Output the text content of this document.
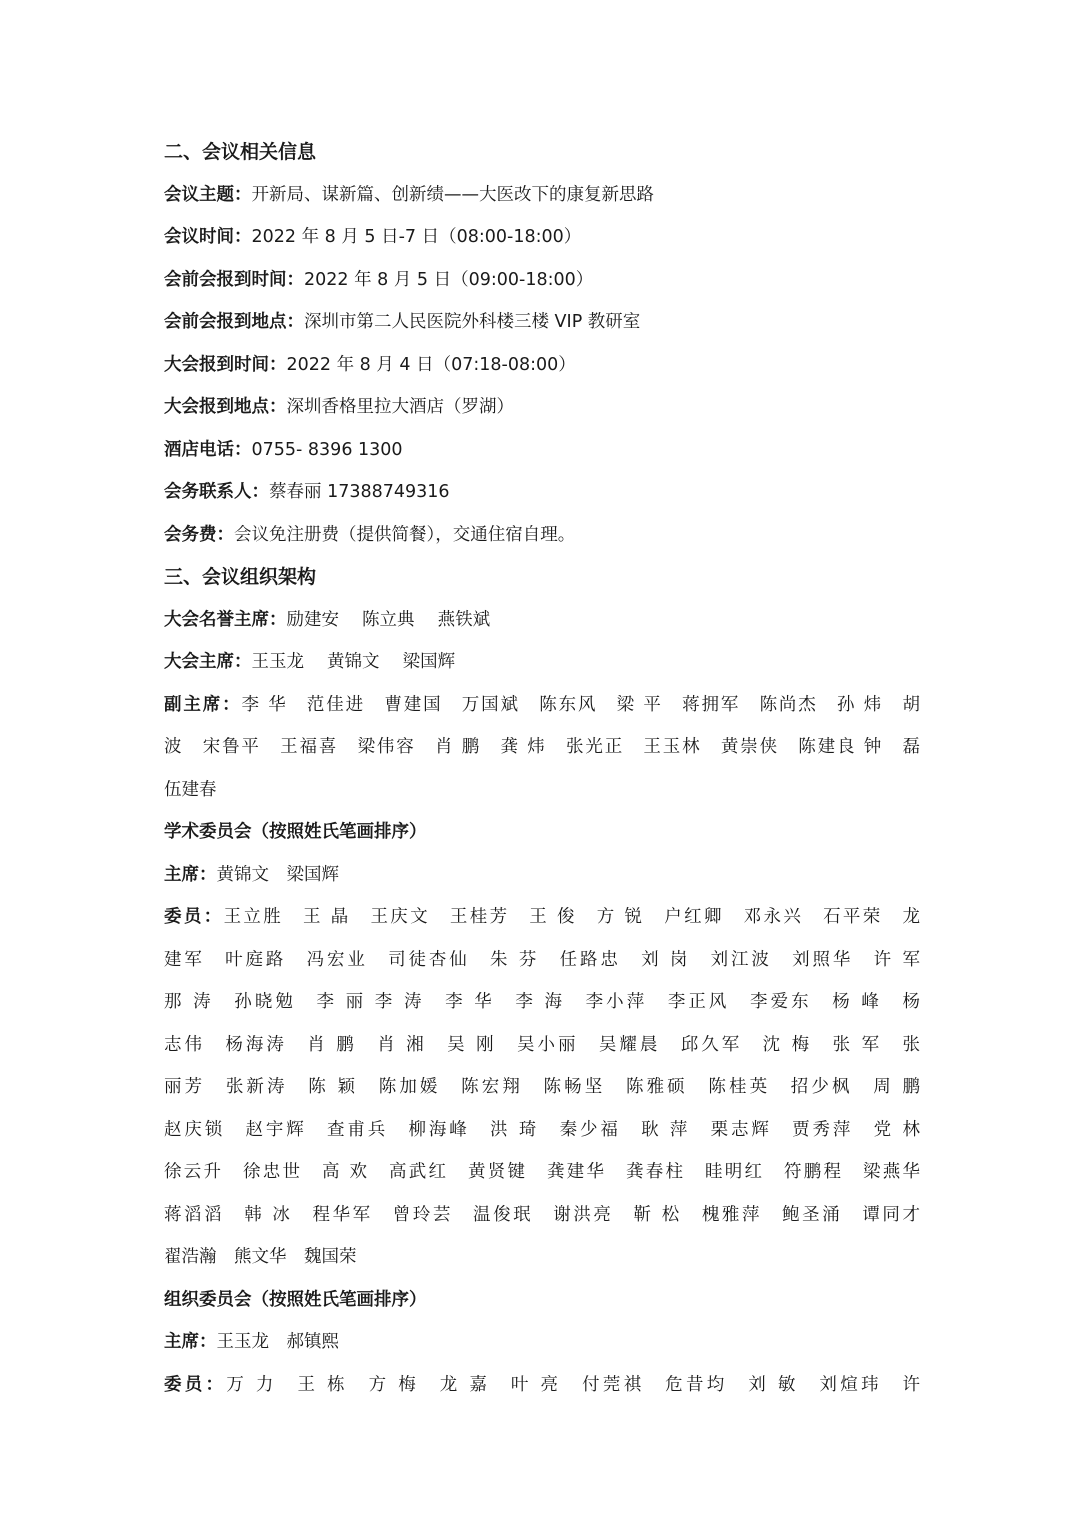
二、会议相关信息
会议主题：开新局、谋新篇、创新绩——大医改下的康复新思路
会议时间：2022 年 8 月 5 日-7 日（08:00-18:00）
会前会报到时间：2022 年 8 月 5 日（09:00-18:00）
会前会报到地点：深圳市第二人民医院外科楼三楼 VIP 教研室
大会报到时间：2022 年 8 月 4 日（07:18-08:00）
大会报到地点：深圳香格里拉大酒店（罗湖）
酒店电话：0755- 8396 1300
会务联系人：蔡春丽 17388749316
会务费：会议免注册费（提供简餐），交通住宿自理。
三、会议组织架构
大会名誉主席：励建安　 陈立典　 燕铁斌
大会主席：王玉龙　 黄锦文　 梁国辉
副主席：李 华　范佳进　曹建国　万国斌　陈东风　梁 平　蒋拥军　陈尚杰　孙 炜　胡
波　宋鲁平　王福喜　梁伟容　肖 鹏　龚 炜　张光正　王玉林　黄崇侠　陈建良 钟　磊
伍建春
学术委员会（按照姓氏笔画排序）
主席：黄锦文　梁国辉
委员：王立胜　王 晶　王庆文　王桂芳　王 俊　方 锐　户红卿　邓永兴　石平荣　龙
建军　叶庭路　冯宏业　司徒杏仙　朱 芬　任路忠　刘 岗　刘江波　刘照华　许 军
那 涛　孙晓勉　李 丽 李 涛　李 华　李 海　李小萍　李正风　李爱东　杨 峰　杨
志伟　杨海涛　肖 鹏　肖 湘　吴 刚　吴小丽　吴耀晨　邱久军　沈 梅　张 军　张
丽芳　张新涛　陈 颖　陈加媛　陈宏翔　陈畅坚　陈雅硕　陈桂英　招少枫　周 鹏
赵庆锁　赵宇辉　查甫兵　柳海峰　洪 琦　秦少福　耿 萍　栗志辉　贾秀萍　党 林
徐云升　徐忠世　高 欢　高武红　黄贤键　龚建华　龚春柱　眭明红　符鹏程　梁燕华
蒋滔滔　韩 冰　程华军　曾玲芸　温俊珉　谢洪亮　靳 松　槐雅萍　鲍圣涌　谭同才
翟浩瀚　熊文华　魏国荣
组织委员会（按照姓氏笔画排序）
主席：王玉龙　郝镇熙
委员：万 力　王 栋　方 梅　龙 嘉　叶 亮　付莞祺　危昔均　刘 敏　刘煊玮　许
